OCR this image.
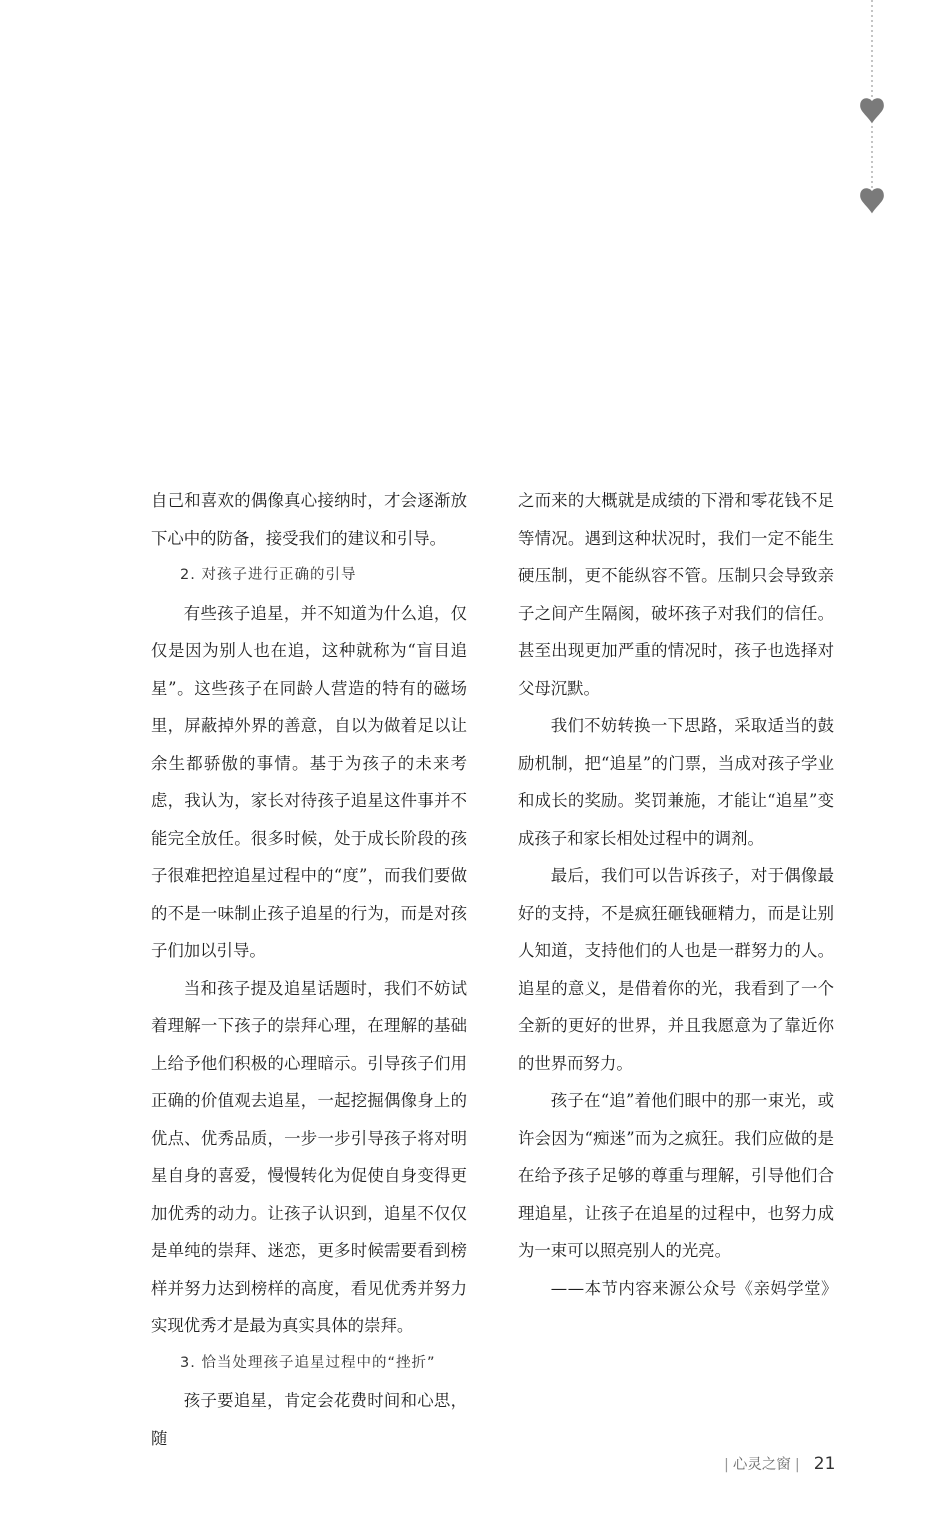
自己和喜欢的偶像真心接纳时，才会逐渐放下心中的防备，接受我们的建议和引导。

2. 对孩子进行正确的引导

有些孩子追星，并不知道为什么追，仅仅是因为别人也在追，这种就称为“盲目追星”。这些孩子在同龄人营造的特有的磁场里，屏蔽掉外界的善意，自以为做着足以让余生都骄傲的事情。基于为孩子的未来考虑，我认为，家长对待孩子追星这件事并不能完全放任。很多时候，处于成长阶段的孩子很难把控追星过程中的“度”，而我们要做的不是一味制止孩子追星的行为，而是对孩子们加以引导。

当和孩子提及追星话题时，我们不妨试着理解一下孩子的崇拜心理，在理解的基础上给予他们积极的心理暗示。引导孩子们用正确的价值观去追星，一起挖掘偶像身上的优点、优秀品质，一步一步引导孩子将对明星自身的喜爱，慢慢转化为促使自身变得更加优秀的动力。让孩子认识到，追星不仅仅是单纯的崇拜、迷恋，更多时候需要看到榜样并努力达到榜样的高度，看见优秀并努力实现优秀才是最为真实具体的崇拜。

3. 恰当处理孩子追星过程中的“挫折”

孩子要追星，肯定会花费时间和心思，随

之而来的大概就是成绩的下滑和零花钱不足等情况。遇到这种状况时，我们一定不能生硬压制，更不能纵容不管。压制只会导致亲子之间产生隔阂，破坏孩子对我们的信任。甚至出现更加严重的情况时，孩子也选择对父母沉默。

我们不妨转换一下思路，采取适当的鼓励机制，把“追星”的门票，当成对孩子学业和成长的奖励。奖罚兼施，才能让“追星”变成孩子和家长相处过程中的调剂。

最后，我们可以告诉孩子，对于偶像最好的支持，不是疯狂砸钱砸精力，而是让别人知道，支持他们的人也是一群努力的人。追星的意义，是借着你的光，我看到了一个全新的更好的世界，并且我愿意为了靠近你的世界而努力。

孩子在“追”着他们眼中的那一束光，或许会因为“痴迷”而为之疯狂。我们应做的是在给予孩子足够的尊重与理解，引导他们合理追星，让孩子在追星的过程中，也努力成为一束可以照亮别人的光亮。

——本节内容来源公众号《亲妈学堂》

| 心灵之窗 | 21
